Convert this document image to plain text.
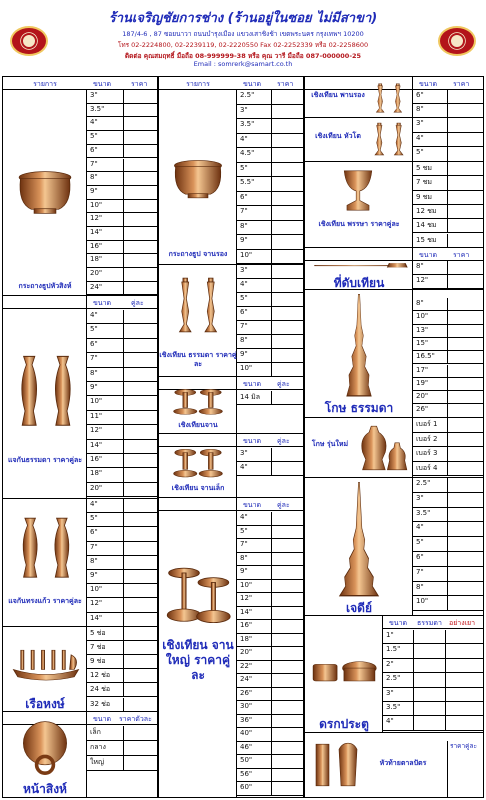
ร้านเจริญชัยการช่าง (ร้านอยู่ในซอย ไม่มีสาขา)
187/4-6 , 87 ซอยนาวา ถนนบำรุงเมือง แขวงเสาชิงช้า เขตพระนคร กรุงเทพฯ 10200
โทร 02-2224800, 02-2239119, 02-2220550 Fax 02-2252339 หรือ 02-2258600
ติดต่อ คุณสมฤทธิ์ มือถือ 08-999999-38 หรือ คุณ วารี มือถือ 087-000000-25
Email : somrerk@samart.co.th
รายการ	ขนาด	ราคา
กระถางธูปหัวสิงห์
3"
3.5"
4"
5"
6"
7"
8"
9"
10"
12"
14"
16"
18"
20"
24"
ขนาด	คู่ละ
แจกันธรรมดา ราคาคู่ละ
4"
5"
6"
7"
8"
9"
10"
11"
12"
14"
16"
18"
20"
แจกันทรงแก้ว ราคาคู่ละ
4"
5"
6"
7"
8"
9"
10"
12"
14"
เรือหงษ์
5 ช่อ
7 ช่อ
9 ช่อ
12 ช่อ
24 ช่อ
32 ช่อ
ขนาด ราคาตัวละ
หน้าสิงห์
เล็ก
กลาง
ใหญ่
รายการ	ขนาด ราคา
กระถางธูป จานรอง
2.5"
3"
3.5"
4"
4.5"
5"
5.5"
6"
7"
8"
9"
10"
เชิงเทียน ธรรมดา ราคาคู่ละ
3"
4"
5"
6"
7"
8"
9"
10"
ขนาด คู่ละ
เชิงเทียนจาน
14 มิล
ขนาด คู่ละ
เชิงเทียน จานเล็ก
3"
4"
ขนาด คู่ละ
เชิงเทียน จานใหญ่ ราคาคู่ละ
4"
5"
7"
8"
9"
10"
12"
14"
16"
18"
20"
22"
24"
26"
30"
36"
40"
46"
50"
56"
60"
ขนาด ราคา
เชิงเทียน พานรอง	6"
8"
เชิงเทียน หัวโต
3"
4"
5"
เชิงเทียน พรรษา ราคาคู่ละ
5 ชม
7 ชม
9 ชม
12 ชม
14 ชม
15 ชม
ขนาด ราคา
ที่ดับเทียน
8"
12"
โกษ ธรรมดา
8"
10"
13"
15"
16.5"
17"
19"
20"
26"
โกษ รุ่นใหม่
เบอร์ 1
เบอร์ 2
เบอร์ 3
เบอร์ 4
เจดีย์
2.5"
3"
3.5"
4"
5"
6"
7"
8"
10"
ขนาด ธรรมดา อย่างเยา
ดรกประตู
1"
1.5"
2"
2.5"
3"
3.5"
4"
หัวท้ายตาลปัตร
ราคาคู่ละ
